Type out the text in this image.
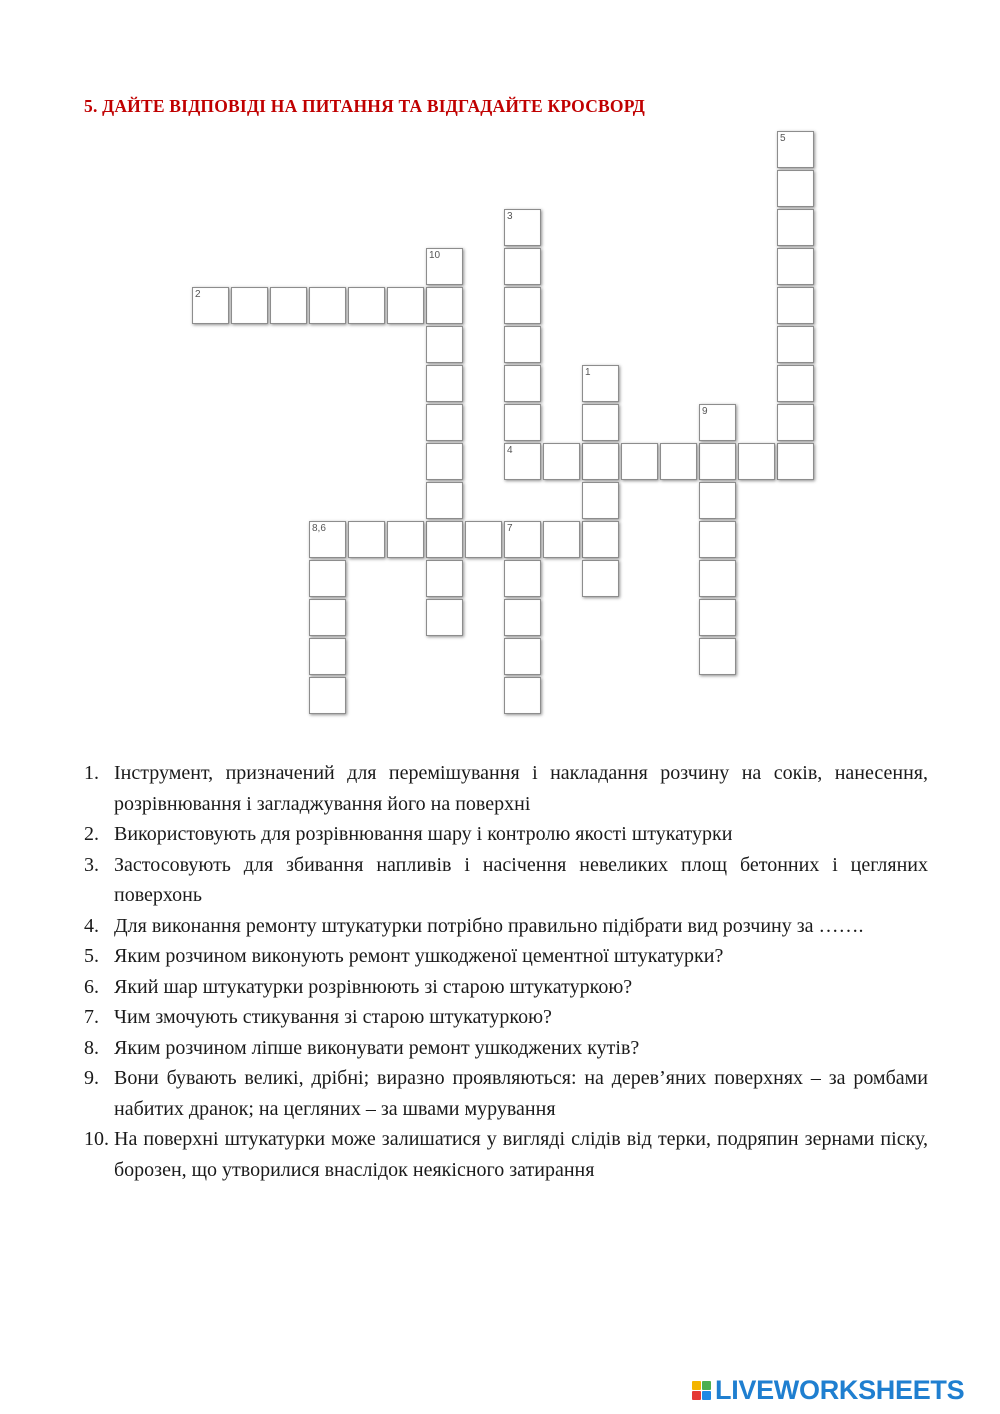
5. ДАЙТЕ ВІДПОВІДІ НА ПИТАННЯ ТА ВІДГАДАЙТЕ КРОСВОРД
5
3
4
10
2
1
9
8,6	7
1. Інструмент, призначений для перемішування і накладання розчину на соків, нанесення, розрівнювання і загладжування його на поверхні
2. Використовують для розрівнювання шару і контролю якості штукатурки
3. Застосовують для збивання напливів і насічення невеликих площ бетонних і цегляних поверхонь
4. Для виконання ремонту штукатурки потрібно правильно підібрати вид розчину за …….
5. Яким розчином виконують ремонт ушкодженої цементної штукатурки?
6. Який шар штукатурки розрівнюють зі старою штукатуркою?
7. Чим змочують стикування зі старою штукатуркою?
8. Яким розчином ліпше виконувати ремонт ушкоджених кутів?
9. Вони бувають великі, дрібні; виразно проявляються: на дерев’яних поверхнях – за ромбами набитих дранок; на цегляних – за швами мурування
10. На поверхні штукатурки може залишатися у вигляді слідів від терки, подряпин зернами піску, борозен, що утворилися внаслідок неякісного затирання
LIVEWORKSHEETS
